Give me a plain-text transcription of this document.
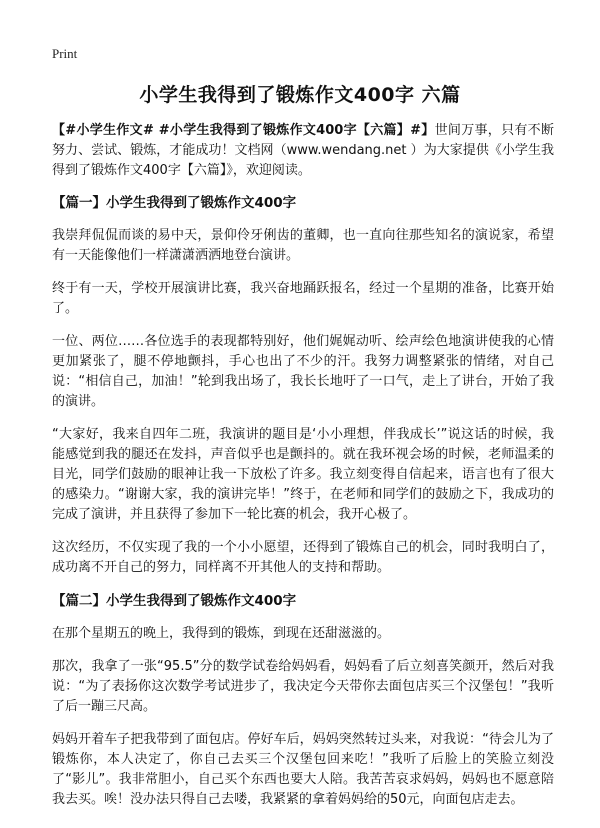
Print
小学生我得到了锻炼作文400字 六篇

【#小学生作文# #小学生我得到了锻炼作文400字【六篇】#】世间万事，只有不断努力、尝试、锻炼，才能成功！文档网（www.wendang.net ）为大家提供《小学生我得到了锻炼作文400字【六篇】》，欢迎阅读。

【篇一】小学生我得到了锻炼作文400字

我崇拜侃侃而谈的易中天，景仰伶牙俐齿的董卿，也一直向往那些知名的演说家，希望有一天能像他们一样潇潇洒洒地登台演讲。

终于有一天，学校开展演讲比赛，我兴奋地踊跃报名，经过一个星期的准备，比赛开始了。

一位、两位……各位选手的表现都特别好，他们娓娓动听、绘声绘色地演讲使我的心情更加紧张了，腿不停地颤抖，手心也出了不少的汗。我努力调整紧张的情绪，对自己说：“相信自己，加油！”轮到我出场了，我长长地吁了一口气，走上了讲台，开始了我的演讲。

“大家好，我来自四年二班，我演讲的题目是‘小小理想，伴我成长’”说这话的时候，我能感觉到我的腿还在发抖，声音似乎也是颤抖的。就在我环视会场的时候，老师温柔的目光，同学们鼓励的眼神让我一下放松了许多。我立刻变得自信起来，语言也有了很大的感染力。“谢谢大家，我的演讲完毕！”终于，在老师和同学们的鼓励之下，我成功的完成了演讲，并且获得了参加下一轮比赛的机会，我开心极了。

这次经历，不仅实现了我的一个小小愿望，还得到了锻炼自己的机会，同时我明白了，成功离不开自己的努力，同样离不开其他人的支持和帮助。

【篇二】小学生我得到了锻炼作文400字

在那个星期五的晚上，我得到的锻炼，到现在还甜滋滋的。

那次，我拿了一张“95.5”分的数学试卷给妈妈看，妈妈看了后立刻喜笑颜开，然后对我说：“为了表扬你这次数学考试进步了，我决定今天带你去面包店买三个汉堡包！”我听了后一蹦三尺高。

妈妈开着车子把我带到了面包店。停好车后，妈妈突然转过头来，对我说：“待会儿为了锻炼你，本人决定了，你自己去买三个汉堡包回来吃！”我听了后脸上的笑脸立刻没了“影儿”。我非常胆小，自己买个东西也要大人陪。我苦苦哀求妈妈，妈妈也不愿意陪我去买。唉！没办法只得自己去喽，我紧紧的拿着妈妈给的50元，向面包店走去。
